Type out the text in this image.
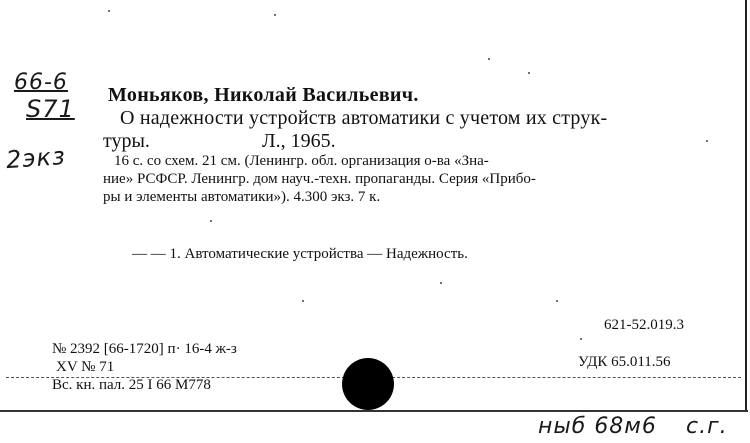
66-6
S71
2экз
Моньяков, Николай Васильевич.
О надежности устройств автоматики с учетом их струк-
туры.	Л., 1965.
16 с. со схем. 21 см. (Ленингр. обл. организация о-ва «Зна-
ние» РСФСР. Ленингр. дом науч.-техн. пропаганды. Серия «Прибо-
ры и элементы автоматики»). 4.300 экз. 7 к.
— — 1. Автоматические устройства — Надежность.
621-52.019.3
УДК 65.011.56
№ 2392 [66-1720] п· 16-4 ж-з
XV № 71
Вс. кн. пал. 25 I 66 М778
ныб 68м6 с.г.
